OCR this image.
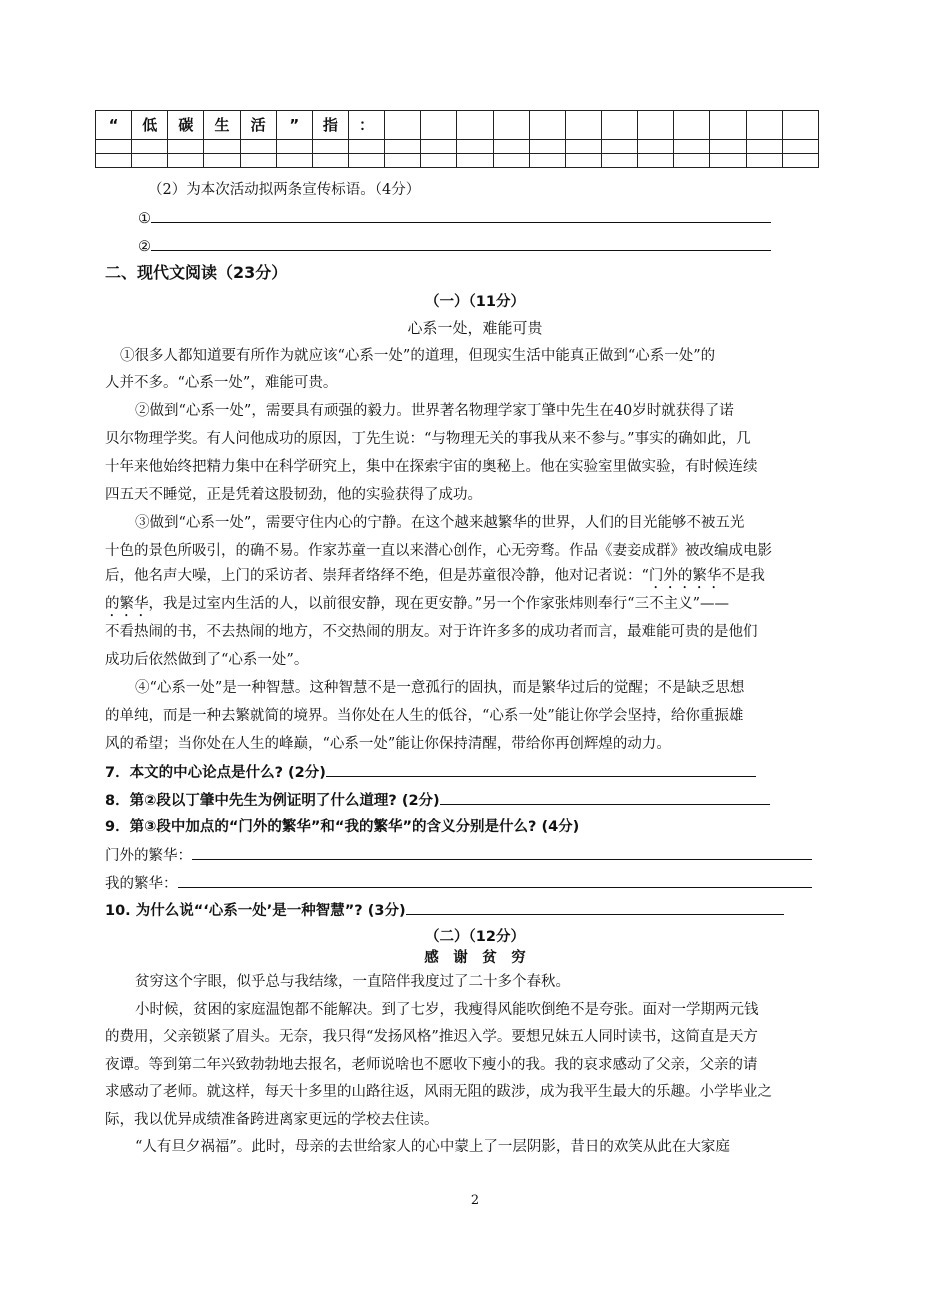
“	低	碳	生	活	”	指	：												

（2）为本次活动拟两条宣传标语。（4分）
①
②
二、现代文阅读（23分）
（一）（11分）
心系一处，难能可贵
①很多人都知道要有所作为就应该“心系一处”的道理，但现实生活中能真正做到“心系一处”的
人并不多。“心系一处”，难能可贵。
②做到“心系一处”，需要具有顽强的毅力。世界著名物理学家丁肇中先生在40岁时就获得了诺
贝尔物理学奖。有人问他成功的原因，丁先生说：“与物理无关的事我从来不参与。”事实的确如此，几
十年来他始终把精力集中在科学研究上，集中在探索宇宙的奥秘上。他在实验室里做实验，有时候连续
四五天不睡觉，正是凭着这股韧劲，他的实验获得了成功。
③做到“心系一处”，需要守住内心的宁静。在这个越来越繁华的世界，人们的目光能够不被五光
十色的景色所吸引，的确不易。作家苏童一直以来潜心创作，心无旁骛。作品《妻妾成群》被改编成电影
后，他名声大噪，上门的采访者、崇拜者络绎不绝，但是苏童很冷静，他对记者说：“门外的繁华不是我
的繁华，我是过室内生活的人，以前很安静，现在更安静。”另一个作家张炜则奉行“三不主义”——
不看热闹的书，不去热闹的地方，不交热闹的朋友。对于许许多多的成功者而言，最难能可贵的是他们
成功后依然做到了“心系一处”。
④“心系一处”是一种智慧。这种智慧不是一意孤行的固执，而是繁华过后的觉醒；不是缺乏思想
的单纯，而是一种去繁就简的境界。当你处在人生的低谷，“心系一处”能让你学会坚持，给你重振雄
风的希望；当你处在人生的峰巅，“心系一处”能让你保持清醒，带给你再创辉煌的动力。
7．本文的中心论点是什么? (2分)
8．第②段以丁肇中先生为例证明了什么道理? (2分)
9．第③段中加点的“门外的繁华”和“我的繁华”的含义分别是什么? (4分)
门外的繁华：
我的繁华：
10. 为什么说“‘心系一处’是一种智慧”? (3分)
（二）（12分）
感　谢　贫　穷
贫穷这个字眼，似乎总与我结缘，一直陪伴我度过了二十多个春秋。
小时候，贫困的家庭温饱都不能解决。到了七岁，我瘦得风能吹倒绝不是夸张。面对一学期两元钱
的费用，父亲锁紧了眉头。无奈，我只得“发扬风格”推迟入学。要想兄妹五人同时读书，这简直是天方
夜谭。等到第二年兴致勃勃地去报名，老师说啥也不愿收下瘦小的我。我的哀求感动了父亲，父亲的请
求感动了老师。就这样，每天十多里的山路往返，风雨无阻的跋涉，成为我平生最大的乐趣。小学毕业之
际，我以优异成绩准备跨进离家更远的学校去住读。
“人有旦夕祸福”。此时，母亲的去世给家人的心中蒙上了一层阴影，昔日的欢笑从此在大家庭
2
